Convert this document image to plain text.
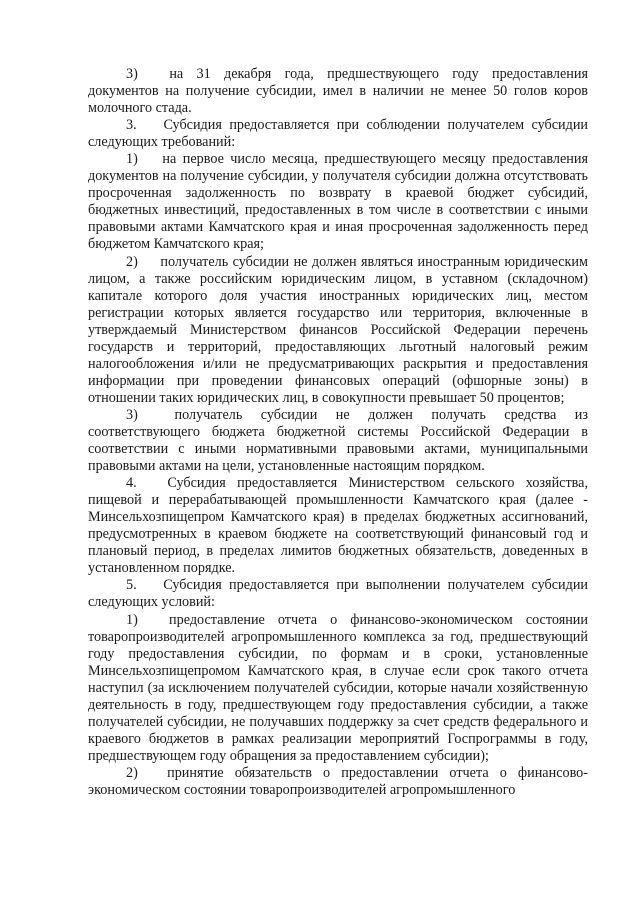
3) на 31 декабря года, предшествующего году предоставления документов на получение субсидии, имел в наличии не менее 50 голов коров молочного стада.

3. Субсидия предоставляется при соблюдении получателем субсидии следующих требований:

1) на первое число месяца, предшествующего месяцу предоставления документов на получение субсидии, у получателя субсидии должна отсутствовать просроченная задолженность по возврату в краевой бюджет субсидий, бюджетных инвестиций, предоставленных в том числе в соответствии с иными правовыми актами Камчатского края и иная просроченная задолженность перед бюджетом Камчатского края;

2) получатель субсидии не должен являться иностранным юридическим лицом, а также российским юридическим лицом, в уставном (складочном) капитале которого доля участия иностранных юридических лиц, местом регистрации которых является государство или территория, включенные в утверждаемый Министерством финансов Российской Федерации перечень государств и территорий, предоставляющих льготный налоговый режим налогообложения и/или не предусматривающих раскрытия и предоставления информации при проведении финансовых операций (офшорные зоны) в отношении таких юридических лиц, в совокупности превышает 50 процентов;

3)	получатель субсидии не должен получать средства из соответствующего бюджета бюджетной системы Российской Федерации в соответствии с иными нормативными правовыми актами, муниципальными правовыми актами на цели, установленные настоящим порядком.

4. Субсидия предоставляется Министерством сельского хозяйства, пищевой и перерабатывающей промышленности Камчатского края (далее - Минсельхозпищепром Камчатского края) в пределах бюджетных ассигнований, предусмотренных в краевом бюджете на соответствующий финансовый год и плановый период, в пределах лимитов бюджетных обязательств, доведенных в установленном порядке.

5. Субсидия предоставляется при выполнении получателем субсидии следующих условий:

1) предоставление отчета о финансово-экономическом состоянии товаропроизводителей агропромышленного комплекса за год, предшествующий году предоставления субсидии, по формам и в сроки, установленные Минсельхозпищепромом Камчатского края, в случае если срок такого отчета наступил (за исключением получателей субсидии, которые начали хозяйственную деятельность в году, предшествующем году предоставления субсидии, а также получателей субсидии, не получавших поддержку за счет средств федерального и краевого бюджетов в рамках реализации мероприятий Госпрограммы в году, предшествующем году обращения за предоставлением субсидии);

2) принятие обязательств о предоставлении отчета о финансово-экономическом состоянии товаропроизводителей агропромышленного
